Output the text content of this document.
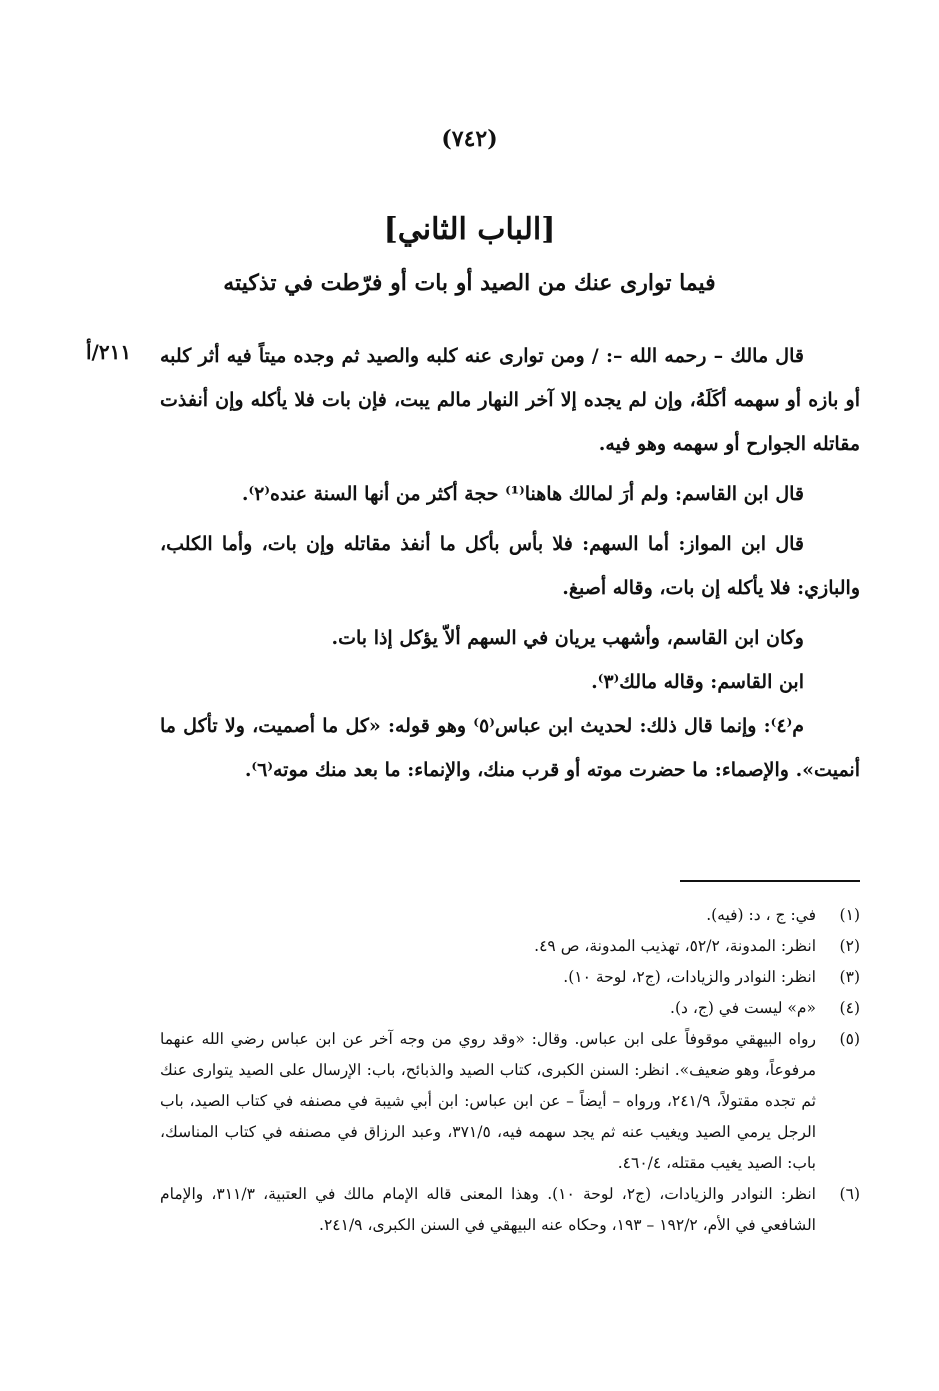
(٧٤٢)
[الباب الثاني]
فيما توارى عنك من الصيد أو بات أو فرّطت في تذكيته
٢١١/أ قال مالك – رحمه الله –: / ومن توارى عنه كلبه والصيد ثم وجده ميتاً فيه أثر كلبه أو بازه أو سهمه أكَلَهُ، وإن لم يجده إلا آخر النهار مالم يبت، فإن بات فلا يأكله وإن أنفذت مقاتله الجوارح أو سهمه وهو فيه.

قال ابن القاسم: ولم أرَ لمالك هاهنا⁽¹⁾ حجة أكثر من أنها السنة عنده⁽٢⁾.

قال ابن المواز: أما السهم: فلا بأس بأكل ما أنفذ مقاتله وإن بات، وأما الكلب، والبازي: فلا يأكله إن بات، وقاله أصبغ.

وكان ابن القاسم، وأشهب يريان في السهم ألاّ يؤكل إذا بات.

ابن القاسم: وقاله مالك⁽٣⁾.

م⁽٤⁾: وإنما قال ذلك: لحديث ابن عباس⁽٥⁾ وهو قوله: «كل ما أصميت، ولا تأكل ما أنميت». والإصماء: ما حضرت موته أو قرب منك، والإنماء: ما بعد منك موته⁽٦⁾.

(١)
في: ج ، د: (فيه).
(٢)
انظر: المدونة، ٥٢/٢، تهذيب المدونة، ص ٤٩.
(٣)
انظر: النوادر والزيادات، (ج٢، لوحة ١٠).
(٤)
«م» ليست في (ج، د).
(٥)
رواه البيهقي موقوفاً على ابن عباس. وقال: «وقد روي من وجه آخر عن ابن عباس رضي الله عنهما مرفوعاً، وهو ضعيف». انظر: السنن الكبرى، كتاب الصيد والذبائح، باب: الإرسال على الصيد يتوارى عنك ثم تجده مقتولاً، ٢٤١/٩، ورواه – أيضاً – عن ابن عباس: ابن أبي شيبة في مصنفه في كتاب الصيد، باب الرجل يرمي الصيد ويغيب عنه ثم يجد سهمه فيه، ٣٧١/٥، وعبد الرزاق في مصنفه في كتاب المناسك، باب: الصيد يغيب مقتله، ٤٦٠/٤.
(٦)
انظر: النوادر والزيادات، (ج٢، لوحة ١٠). وهذا المعنى قاله الإمام مالك في العتبية، ٣١١/٣، والإمام الشافعي في الأم، ١٩٢/٢ – ١٩٣، وحكاه عنه البيهقي في السنن الكبرى، ٢٤١/٩.
